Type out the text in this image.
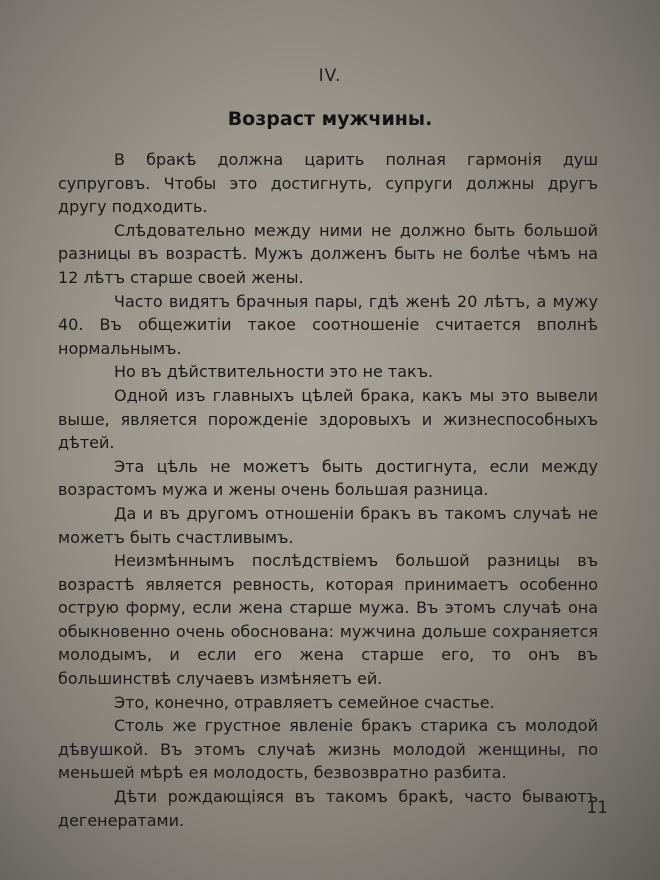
IV.
Возраст мужчины.

В бракѣ должна царить полная гармонія душ супруговъ. Чтобы это достигнуть, супруги должны другъ другу подходить.

Слѣдовательно между ними не должно быть большой разницы въ возрастѣ. Мужъ долженъ быть не болѣе чѣмъ на 12 лѣтъ старше своей жены.

Часто видятъ брачныя пары, гдѣ женѣ 20 лѣтъ, а мужу 40. Въ общежитіи такое соотношеніе считается вполнѣ нормальнымъ.

Но въ дѣйствительности это не такъ.

Одной изъ главныхъ цѣлей брака, какъ мы это вывели выше, является порожденіе здоровыхъ и жизнеспособныхъ дѣтей.

Эта цѣль не можетъ быть достигнута, если между возрастомъ мужа и жены очень большая разница.

Да и въ другомъ отношеніи бракъ въ такомъ случаѣ не можетъ быть счастливымъ.

Неизмѣннымъ послѣдствіемъ большой разницы въ возрастѣ является ревность, которая принимаетъ особенно острую форму, если жена старше мужа. Въ этомъ случаѣ она обыкновенно очень обоснована: мужчина дольше сохраняется молодымъ, и если его жена старше его, то онъ въ большинствѣ случаевъ измѣняетъ ей.

Это, конечно, отравляетъ семейное счастье.

Столь же грустное явленіе бракъ старика съ молодой дѣвушкой. Въ этомъ случаѣ жизнь молодой женщины, по меньшей мѣрѣ ея молодость, безвозвратно разбита.

Дѣти рождающіяся въ такомъ бракѣ, часто бываютъ дегенератами.

11
